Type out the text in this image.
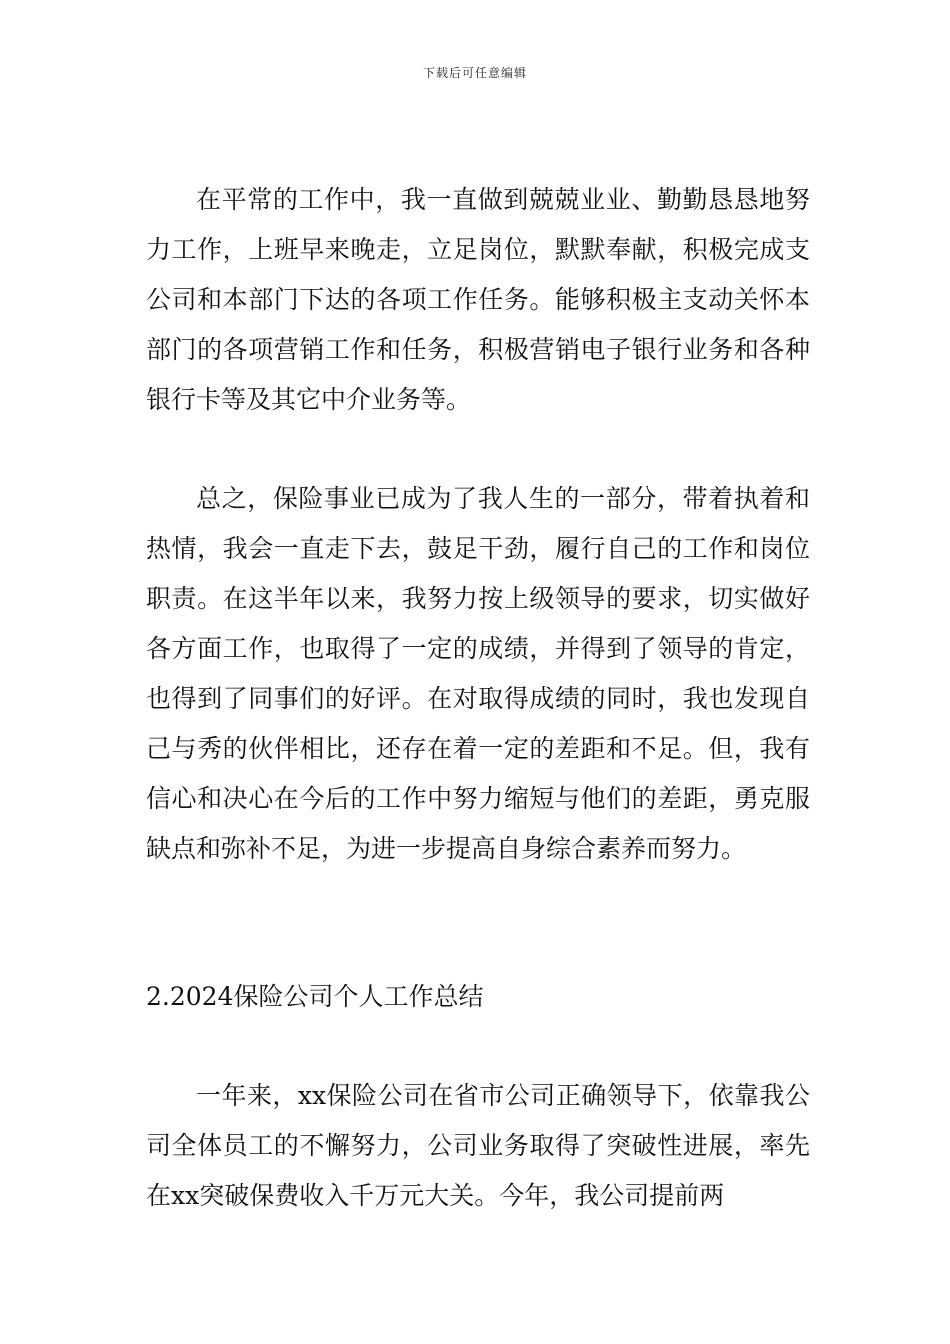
下载后可任意编辑

在平常的工作中，我一直做到兢兢业业、勤勤恳恳地努力工作，上班早来晚走，立足岗位，默默奉献，积极完成支公司和本部门下达的各项工作任务。能够积极主支动关怀本部门的各项营销工作和任务，积极营销电子银行业务和各种银行卡等及其它中介业务等。

总之，保险事业已成为了我人生的一部分，带着执着和热情，我会一直走下去，鼓足干劲，履行自己的工作和岗位职责。在这半年以来，我努力按上级领导的要求，切实做好各方面工作，也取得了一定的成绩，并得到了领导的肯定，也得到了同事们的好评。在对取得成绩的同时，我也发现自己与秀的伙伴相比，还存在着一定的差距和不足。但，我有信心和决心在今后的工作中努力缩短与他们的差距，勇克服缺点和弥补不足，为进一步提高自身综合素养而努力。

2.2024保险公司个人工作总结

一年来，xx保险公司在省市公司正确领导下，依靠我公司全体员工的不懈努力，公司业务取得了突破性进展，率先在xx突破保费收入千万元大关。今年，我公司提前两
